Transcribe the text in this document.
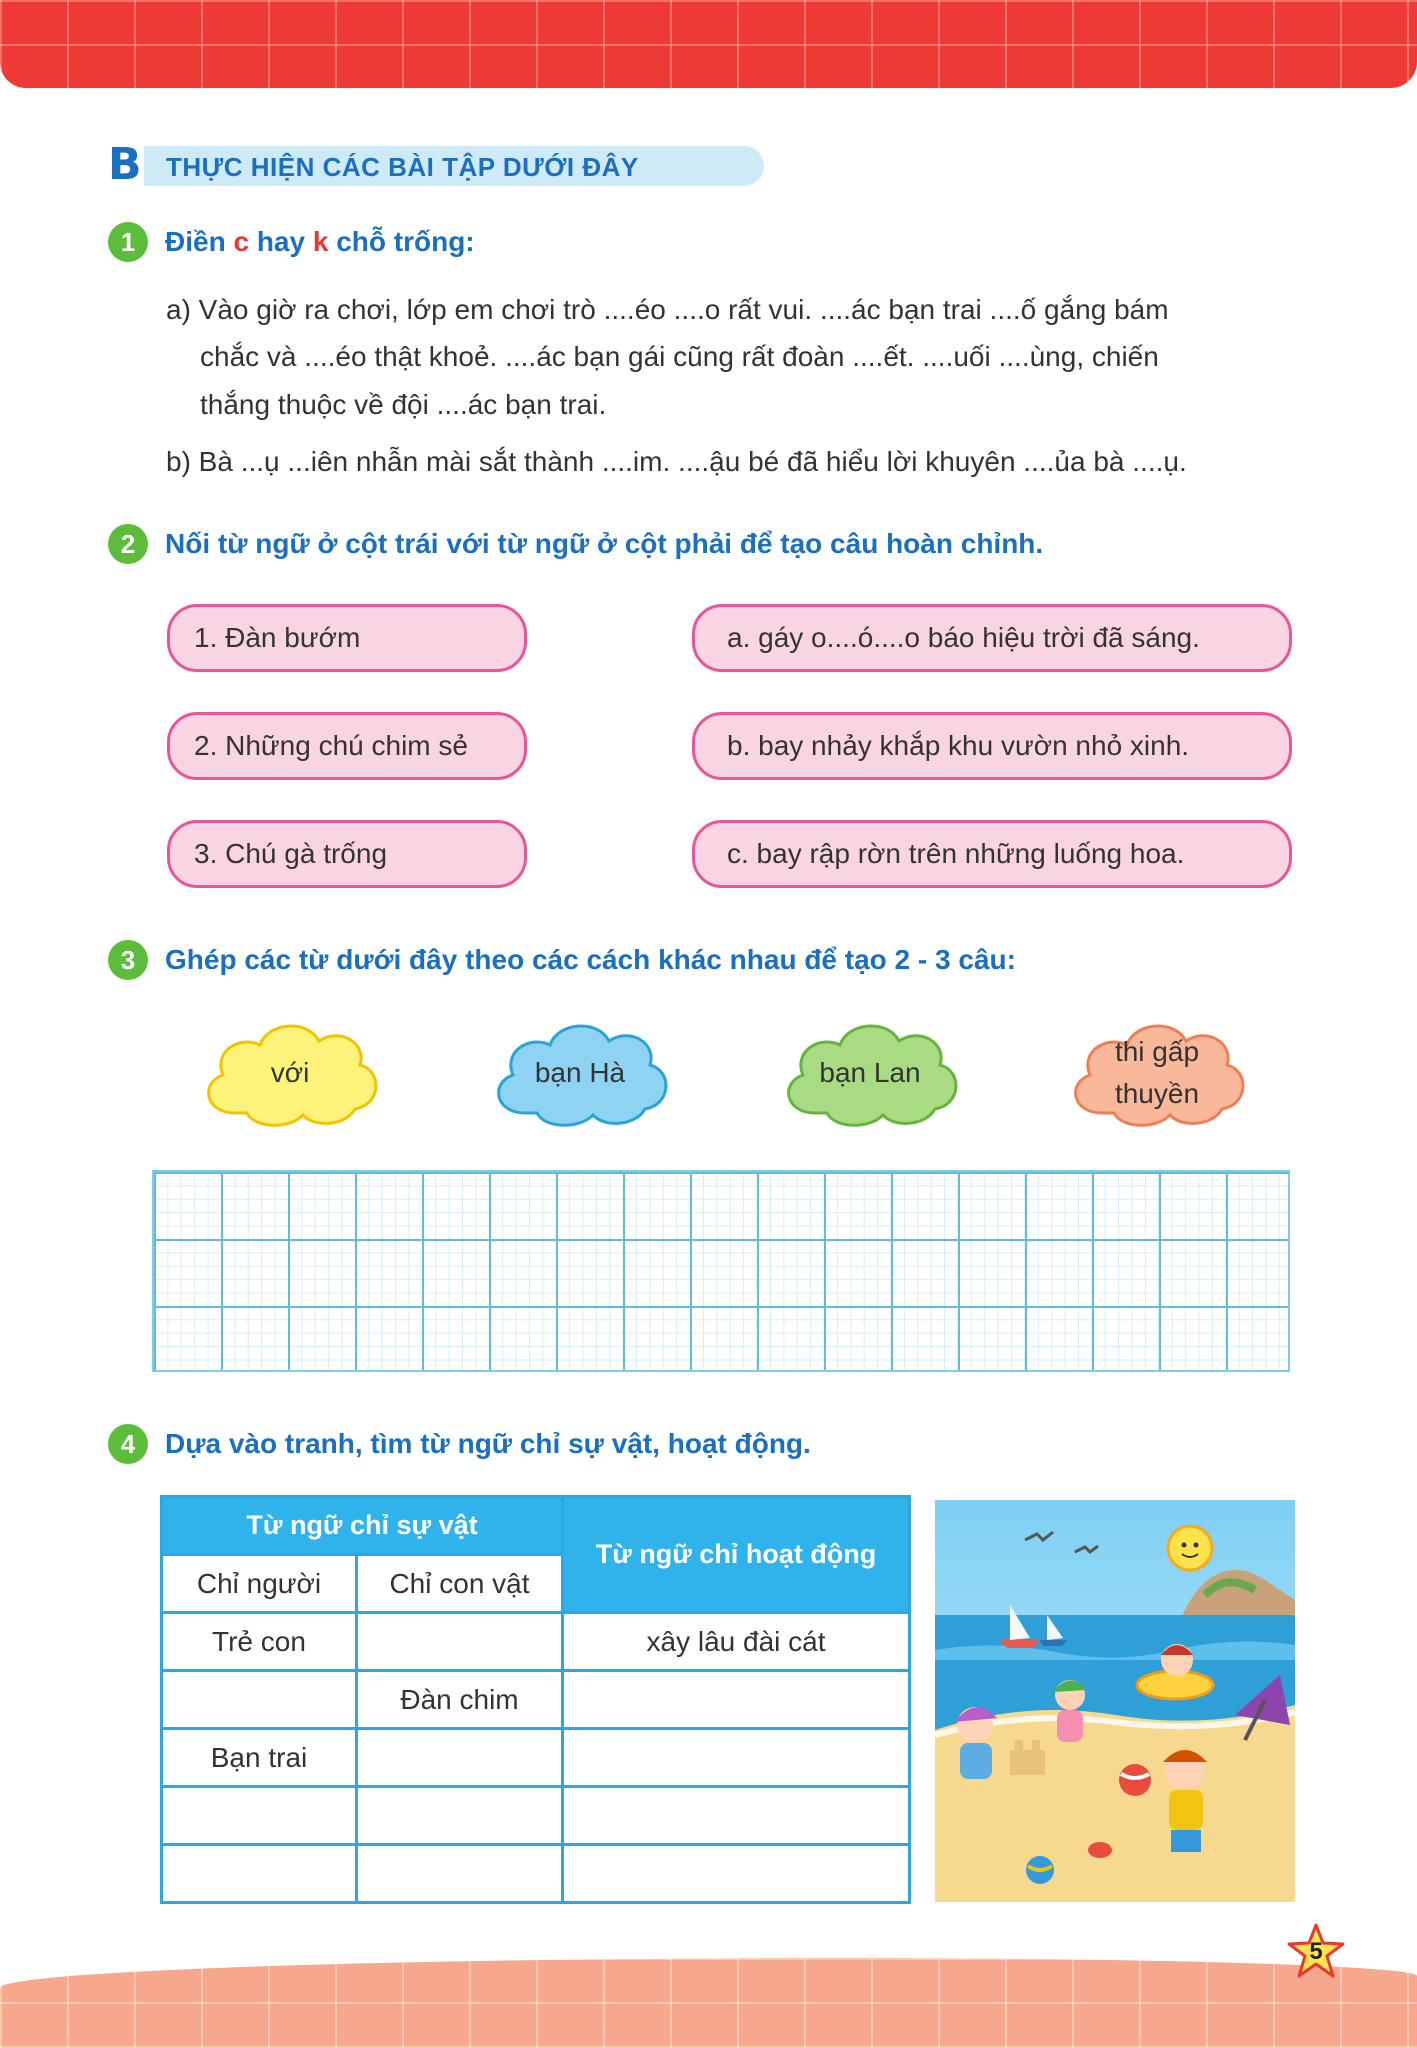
B THỰC HIỆN CÁC BÀI TẬP DƯỚI ĐÂY
1	Điền c hay k chỗ trống:
a) Vào giờ ra chơi, lớp em chơi trò ....éo ....o rất vui. ....ác bạn trai ....ố gắng bám
chắc và ....éo thật khoẻ. ....ác bạn gái cũng rất đoàn ....ết. ....uối ....ùng, chiến
thắng thuộc về đội ....ác bạn trai.
b) Bà ...ụ ...iên nhẫn mài sắt thành ....im. ....ậu bé đã hiểu lời khuyên ....ủa bà ....ụ.
2	Nối từ ngữ ở cột trái với từ ngữ ở cột phải để tạo câu hoàn chỉnh.
1. Đàn bướm
2. Những chú chim sẻ
3. Chú gà trống
a. gáy o....ó....o báo hiệu trời đã sáng.
b. bay nhảy khắp khu vườn nhỏ xinh.
c. bay rập rờn trên những luống hoa.
3	Ghép các từ dưới đây theo các cách khác nhau để tạo 2 - 3 câu:
với	bạn Hà	bạn Lan
thi gấp
thuyền
4	Dựa vào tranh, tìm từ ngữ chỉ sự vật, hoạt động.
Từ ngữ chỉ sự vật		Từ ngữ chỉ hoạt động
Chỉ người	Chỉ con vật	
Trẻ con		xây lâu đài cát
	Đàn chim	
Bạn trai		

5
